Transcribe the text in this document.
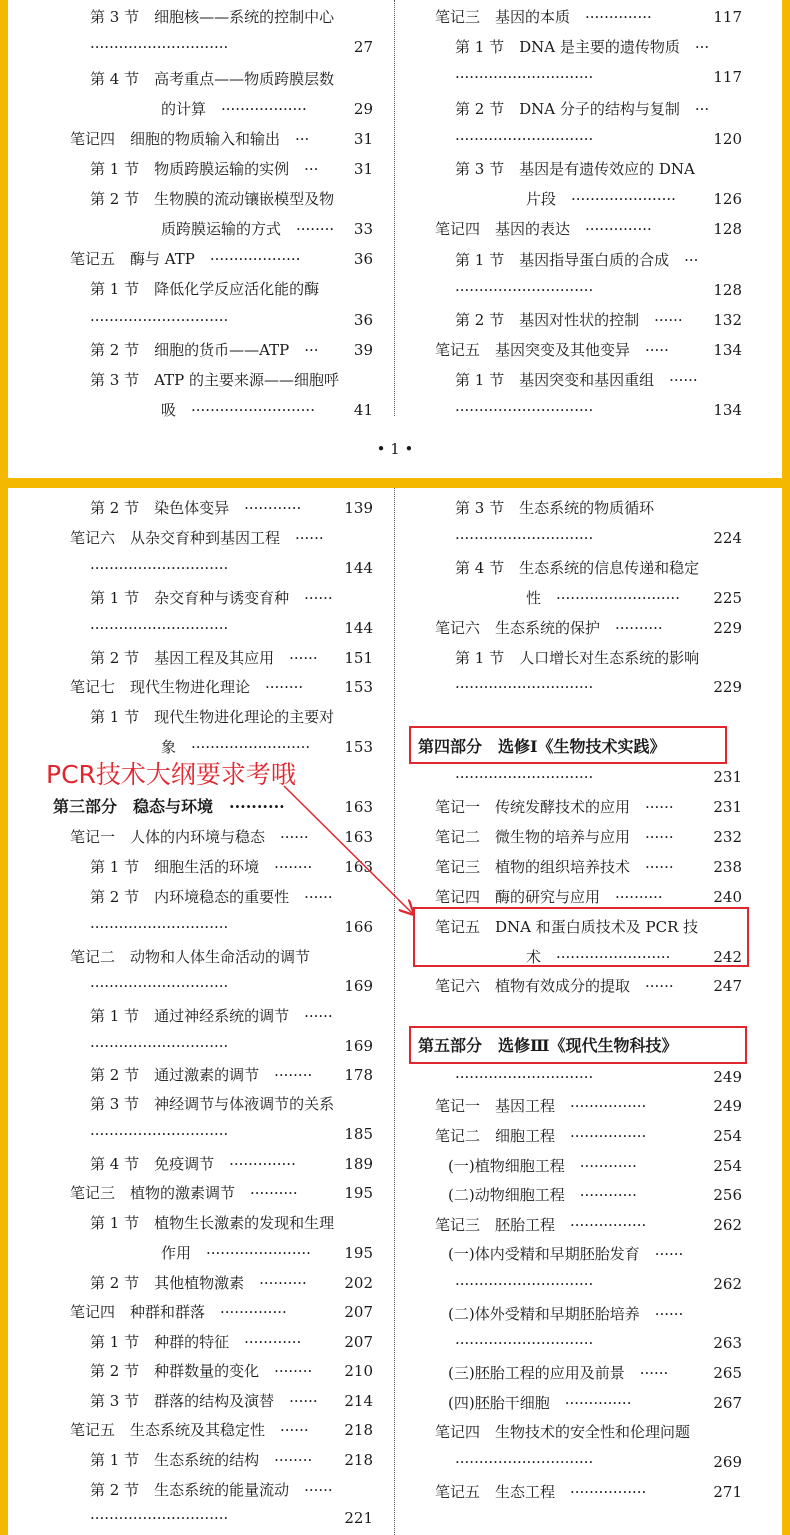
第 3 节　细胞核——系统的控制中心
·····························	27
第 4 节　高考重点——物质跨膜层数
的计算　··················	29
笔记四　细胞的物质输入和输出　···	31
第 1 节　物质跨膜运输的实例　··· 31
第 2 节　生物膜的流动镶嵌模型及物
质跨膜运输的方式　········ 33
笔记五　酶与 ATP　···················	36
第 1 节　降低化学反应活化能的酶
·····························	36
第 2 节　细胞的货币——ATP　··· 39
第 3 节　ATP 的主要来源——细胞呼
吸　··························	41
笔记三　基因的本质　··············	117
第 1 节　DNA 是主要的遗传物质　···
·····························	117
第 2 节　DNA 分子的结构与复制　···
·····························	120
第 3 节　基因是有遗传效应的 DNA
片段　······················ 126
笔记四　基因的表达　··············	128
第 1 节　基因指导蛋白质的合成　···
·····························	128
第 2 节　基因对性状的控制　······ 132
笔记五　基因突变及其他变异　·····	134
第 1 节　基因突变和基因重组　······
·····························	134
• 1 •
第 2 节　染色体变异　············	139
笔记六　从杂交育种到基因工程　······
·····························	144
第 1 节　杂交育种与诱变育种　······
·····························	144
第 2 节　基因工程及其应用　······ 151
笔记七　现代生物进化理论　········	153
第 1 节　现代生物进化理论的主要对
象　························· 153
第三部分　稳态与环境　··········	163
笔记一　人体的内环境与稳态　······ 163
第 1 节　细胞生活的环境　········ 163
第 2 节　内环境稳态的重要性　······
·····························	166
笔记二　动物和人体生命活动的调节
·····························	169
第 1 节　通过神经系统的调节　······
·····························	169
第 2 节　通过激素的调节　········ 178
第 3 节　神经调节与体液调节的关系
·····························	185
第 4 节　免疫调节　··············	189
笔记三　植物的激素调节　··········	195
第 1 节　植物生长激素的发现和生理
作用　······················ 195
第 2 节　其他植物激素　··········	202
笔记四　种群和群落　··············	207
第 1 节　种群的特征　············	207
第 2 节　种群数量的变化　········ 210
第 3 节　群落的结构及演替　······ 214
笔记五　生态系统及其稳定性　······ 218
第 1 节　生态系统的结构　········ 218
第 2 节　生态系统的能量流动　······
·····························	221
第 3 节　生态系统的物质循环
·····························	224
第 4 节　生态系统的信息传递和稳定
性　·························· 225
笔记六　生态系统的保护　··········	229
第 1 节　人口增长对生态系统的影响
·····························	229
第四部分　选修Ⅰ《生物技术实践》
·····························	231
笔记一　传统发酵技术的应用　······	231
笔记二　微生物的培养与应用　······	232
笔记三　植物的组织培养技术　······	238
笔记四　酶的研究与应用　··········	240
笔记五　DNA 和蛋白质技术及 PCR 技
术　························	242
笔记六　植物有效成分的提取　······	247
第五部分　选修Ⅲ《现代生物科技》
·····························	249
笔记一　基因工程　················	249
笔记二　细胞工程　················	254
(一)植物细胞工程　············	254
(二)动物细胞工程　············	256
笔记三　胚胎工程　················	262
(一)体内受精和早期胚胎发育　······
·····························	262
(二)体外受精和早期胚胎培养　······
·····························	263
(三)胚胎工程的应用及前景　······	265
(四)胚胎干细胞　··············	267
笔记四　生物技术的安全性和伦理问题
·····························	269
笔记五　生态工程　················	271
PCR技术大纲要求考哦
